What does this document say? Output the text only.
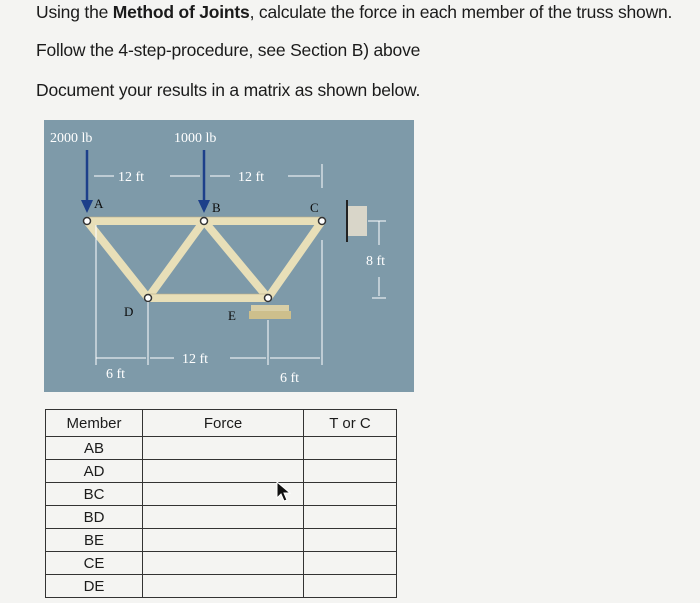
Using the Method of Joints, calculate the force in each member of the truss shown.
Follow the 4-step-procedure, see Section B) above
Document your results in a matrix as shown below.
2000 lb	1000 lb
12 ft	12 ft
A	B	C
D	E
8 ft
12 ft
6 ft	6 ft
Member	Force	T or C
AB		
AD		
BC		
BD		
BE		
CE		
DE		
